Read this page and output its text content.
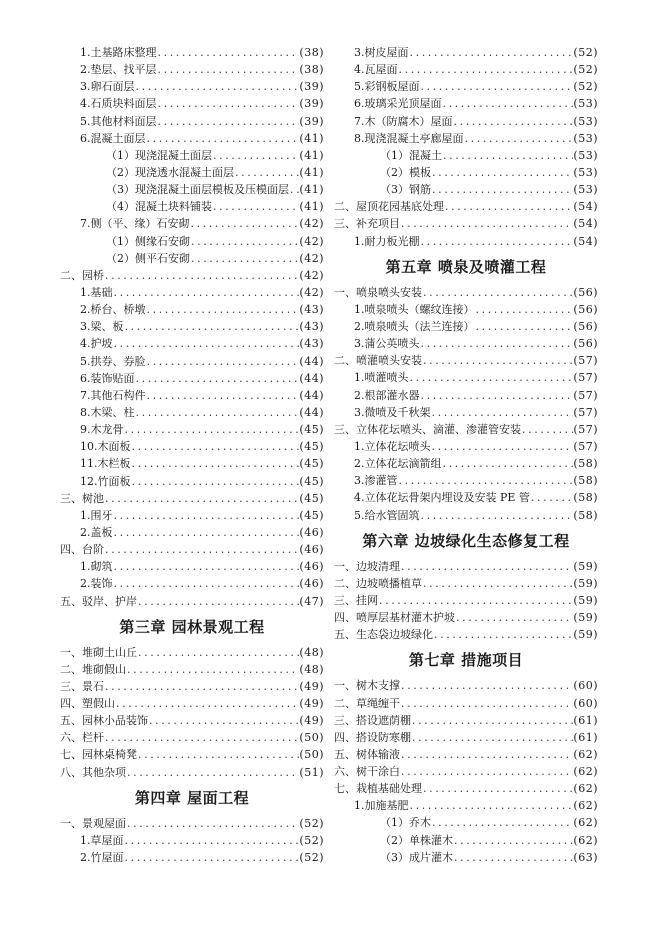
1.土基路床整理 .....	(38)
2.垫层、找平层 .....	(38)
3.卵石面层 .....	(39)
4.石质块料面层 .....	(39)
5.其他材料面层 .....	(39)
6.混凝土面层 .....	(41)
（1）现浇混凝土面层 .....	(41)
（2）现浇透水混凝土面层 .....	(41)
（3）现浇混凝土面层模板及压模面层 ..... (41)
（4）混凝土块料铺装 .....	(41)
7.侧（平、缘）石安砌 .....	(42)
（1）侧缘石安砌 .....	(42)
（2）侧平石安砌 .....	(42)
二、园桥 .....	(42)
1.基础 .....	(42)
2.桥台、桥墩 .....	(43)
3.梁、板 .....	(43)
4.护坡 .....	(43)
5.拱券、券脸 .....	(44)
6.装饰贴面 .....	(44)
7.其他石构件 .....	(44)
8.木梁、柱 .....	(44)
9.木龙骨 .....	(45)
10.木面板 .....	(45)
11.木栏板 .....	(45)
12.竹面板 .....	(45)
三、树池 .....	(45)
1.围牙 .....	(45)
2.盖板 .....	(46)
四、台阶 .....	(46)
1.砌筑 .....	(46)
2.装饰 .....	(46)
五、驳岸、护岸 .....	(47)
第三章 园林景观工程
一、堆砌土山丘 .....	(48)
二、堆砌假山 .....	(48)
三、景石 .....	(49)
四、塑假山 .....	(49)
五、园林小品装饰 .....	(49)
六、栏杆 .....	(50)
七、园林桌椅凳 .....	(50)
八、其他杂项 .....	(51)
第四章 屋面工程
一、景观屋面 .....	(52)
1.草屋面 .....	(52)
2.竹屋面 .....	(52)
3.树皮屋面 .....	(52)
4.瓦屋面 .....	(52)
5.彩钢板屋面 .....	(52)
6.玻璃采光顶屋面 .....	(53)
7.木（防腐木）屋面 .....	(53)
8.现浇混凝土亭廊屋面 .....	(53)
（1）混凝土 .....	(53)
（2）模板 .....	(53)
（3）钢筋 .....	(53)
二、屋顶花园基底处理 .....	(54)
三、补充项目 .....	(54)
1.耐力板光棚 .....	(54)
第五章 喷泉及喷灌工程
一、喷泉喷头安装 .....	(56)
1.喷泉喷头（螺纹连接） .....	(56)
2.喷泉喷头（法兰连接） .....	(56)
3.蒲公英喷头 .....	(56)
二、喷灌喷头安装 .....	(57)
1.喷灌喷头 .....	(57)
2.根部灌水器 .....	(57)
3.微喷及千秋架 .....	(57)
三、立体花坛喷头、滴灌、渗灌管安装 .....	(57)
1.立体花坛喷头 .....	(57)
2.立体花坛滴箭组 .....	(58)
3.渗灌管 .....	(58)
4.立体花坛骨架内埋设及安装 PE 管 .....	(58)
5.给水管固筑 .....	(58)
第六章 边坡绿化生态修复工程
一、边坡清理 .....	(59)
二、边坡喷播植草 .....	(59)
三、挂网 .....	(59)
四、喷厚层基材灌木护坡 .....	(59)
五、生态袋边坡绿化 .....	(59)
第七章 措施项目
一、树木支撑 .....	(60)
二、草绳缠干 .....	(60)
三、搭设遮荫棚 .....	(61)
四、搭设防寒棚 .....	(61)
五、树体输液 .....	(62)
六、树干涂白 .....	(62)
七、栽植基础处理 .....	(62)
1.加施基肥 .....	(62)
（1）乔木 .....	(62)
（2）单株灌木 .....	(62)
（3）成片灌木 .....	(63)
